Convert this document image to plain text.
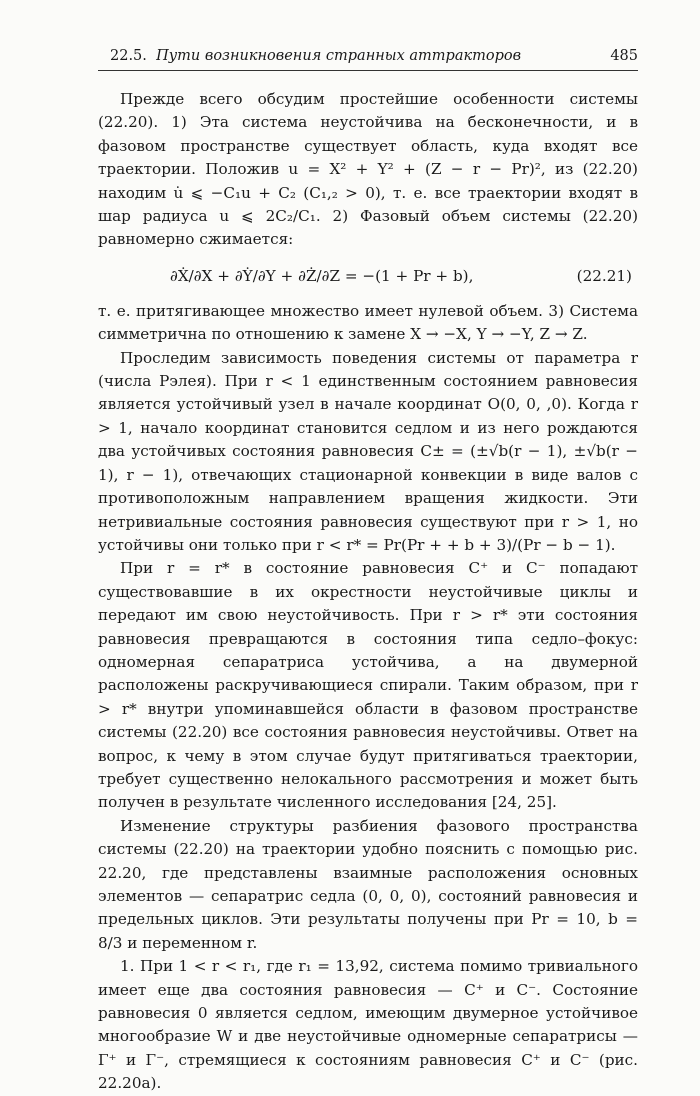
22.5. Пути возникновения странных аттракторов	485

Прежде всего обсудим простейшие особенности системы (22.20). 1) Эта система неустойчива на бесконечности, и в фазовом пространстве существует область, куда входят все траектории. Положив u = X² + Y² + (Z − r − Pr)², из (22.20) находим u̇ ⩽ −C₁u + C₂ (C₁,₂ > 0), т. е. все траектории входят в шар радиуса u ⩽ 2C₂/C₁. 2) Фазовый объем системы (22.20) равномерно сжимается:

∂Ẋ/∂X + ∂Ẏ/∂Y + ∂Ż/∂Z = −(1 + Pr + b),	(22.21)

т. е. притягивающее множество имеет нулевой объем. 3) Система симметрична по отношению к замене X → −X, Y → −Y, Z → Z.

Проследим зависимость поведения системы от параметра r (числа Рэлея). При r < 1 единственным состоянием равновесия является устойчивый узел в начале координат O(0, 0, ,0). Когда r > 1, начало координат становится седлом и из него рождаются два устойчивых состояния равновесия C± = (±√b(r − 1), ±√b(r − 1), r − 1), отвечающих стационарной конвекции в виде валов с противоположным направлением вращения жидкости. Эти нетривиальные состояния равновесия существуют при r > 1, но устойчивы они только при r < r* = Pr(Pr + + b + 3)/(Pr − b − 1).

При r = r* в состояние равновесия C⁺ и C⁻ попадают существовавшие в их окрестности неустойчивые циклы и передают им свою неустойчивость. При r > r* эти состояния равновесия превращаются в состояния типа седло–фокус: одномерная сепаратриса устойчива, а на двумерной расположены раскручивающиеся спирали. Таким образом, при r > r* внутри упоминавшейся области в фазовом пространстве системы (22.20) все состояния равновесия неустойчивы. Ответ на вопрос, к чему в этом случае будут притягиваться траектории, требует существенно нелокального рассмотрения и может быть получен в результате численного исследования [24, 25].

Изменение структуры разбиения фазового пространства системы (22.20) на траектории удобно пояснить с помощью рис. 22.20, где представлены взаимные расположения основных элементов — сепаратрис седла (0, 0, 0), состояний равновесия и предельных циклов. Эти результаты получены при Pr = 10, b = 8/3 и переменном r.

1. При 1 < r < r₁, где r₁ = 13,92, система помимо тривиального имеет еще два состояния равновесия — C⁺ и C⁻. Состояние равновесия 0 является седлом, имеющим двумерное устойчивое многообразие W и две неустойчивые одномерные сепаратрисы — Γ⁺ и Γ⁻, стремящиеся к состояниям равновесия C⁺ и C⁻ (рис. 22.20а).
